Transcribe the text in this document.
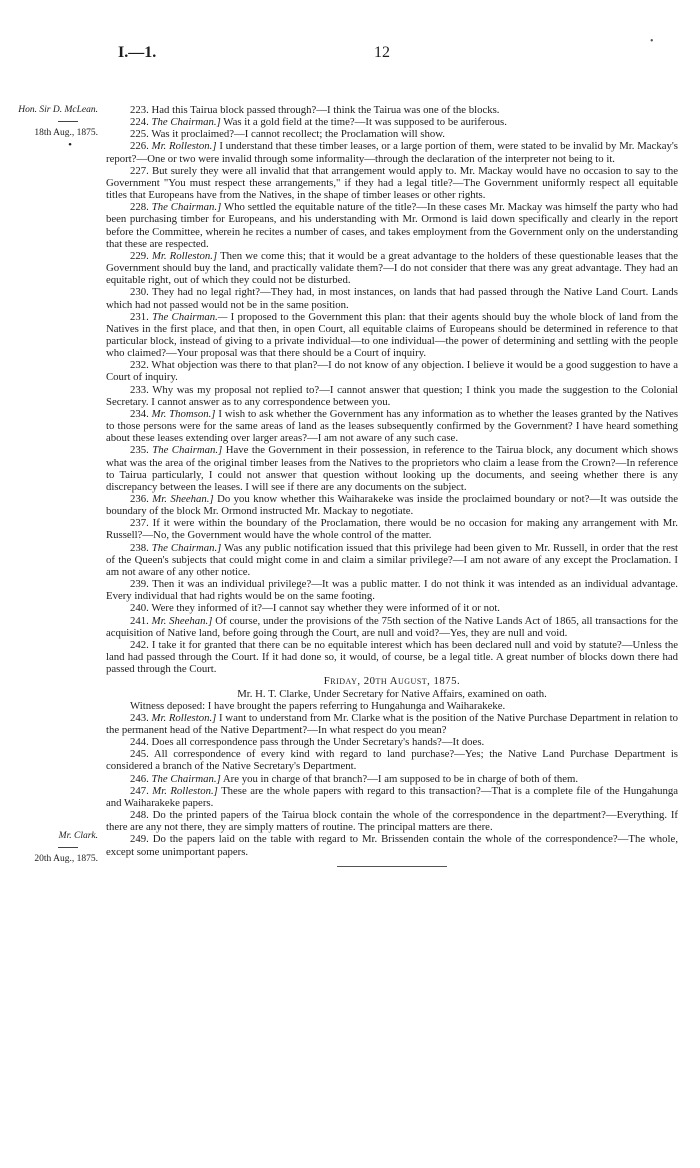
I.—1.	12
•
Hon. Sir D. McLean.

18th Aug., 1875.
•
Mr. Clark.

20th Aug., 1875.

223. Had this Tairua block passed through?—I think the Tairua was one of the blocks.

224. The Chairman.] Was it a gold field at the time?—It was supposed to be auriferous.

225. Was it proclaimed?—I cannot recollect; the Proclamation will show.

226. Mr. Rolleston.] I understand that these timber leases, or a large portion of them, were stated to be invalid by Mr. Mackay's report?—One or two were invalid through some informality—through the declaration of the interpreter not being to it.

227. But surely they were all invalid that that arrangement would apply to. Mr. Mackay would have no occasion to say to the Government "You must respect these arrangements," if they had a legal title?—The Government uniformly respect all equitable titles that Europeans have from the Natives, in the shape of timber leases or other rights.

228. The Chairman.] Who settled the equitable nature of the title?—In these cases Mr. Mackay was himself the party who had been purchasing timber for Europeans, and his understanding with Mr. Ormond is laid down specifically and clearly in the report before the Committee, wherein he recites a number of cases, and takes employment from the Government only on the understanding that these are respected.

229. Mr. Rolleston.] Then we come this; that it would be a great advantage to the holders of these questionable leases that the Government should buy the land, and practically validate them?—I do not consider that there was any great advantage. They had an equitable right, out of which they could not be disturbed.

230. They had no legal right?—They had, in most instances, on lands that had passed through the Native Land Court. Lands which had not passed would not be in the same position.

231. The Chairman.— I proposed to the Government this plan: that their agents should buy the whole block of land from the Natives in the first place, and that then, in open Court, all equitable claims of Europeans should be determined in reference to that particular block, instead of giving to a private individual—to one individual—the power of determining and settling with the people who claimed?—Your proposal was that there should be a Court of inquiry.

232. What objection was there to that plan?—I do not know of any objection. I believe it would be a good suggestion to have a Court of inquiry.

233. Why was my proposal not replied to?—I cannot answer that question; I think you made the suggestion to the Colonial Secretary. I cannot answer as to any correspondence between you.

234. Mr. Thomson.] I wish to ask whether the Government has any information as to whether the leases granted by the Natives to those persons were for the same areas of land as the leases subsequently confirmed by the Government? I have heard something about these leases extending over larger areas?—I am not aware of any such case.

235. The Chairman.] Have the Government in their possession, in reference to the Tairua block, any document which shows what was the area of the original timber leases from the Natives to the proprietors who claim a lease from the Crown?—In reference to Tairua particularly, I could not answer that question without looking up the documents, and seeing whether there is any discrepancy between the leases. I will see if there are any documents on the subject.

236. Mr. Sheehan.] Do you know whether this Waiharakeke was inside the proclaimed boundary or not?—It was outside the boundary of the block Mr. Ormond instructed Mr. Mackay to negotiate.

237. If it were within the boundary of the Proclamation, there would be no occasion for making any arrangement with Mr. Russell?—No, the Government would have the whole control of the matter.

238. The Chairman.] Was any public notification issued that this privilege had been given to Mr. Russell, in order that the rest of the Queen's subjects that could might come in and claim a similar privilege?—I am not aware of any except the Proclamation. I am not aware of any other notice.

239. Then it was an individual privilege?—It was a public matter. I do not think it was intended as an individual advantage. Every individual that had rights would be on the same footing.

240. Were they informed of it?—I cannot say whether they were informed of it or not.

241. Mr. Sheehan.] Of course, under the provisions of the 75th section of the Native Lands Act of 1865, all transactions for the acquisition of Native land, before going through the Court, are null and void?—Yes, they are null and void.

242. I take it for granted that there can be no equitable interest which has been declared null and void by statute?—Unless the land had passed through the Court. If it had done so, it would, of course, be a legal title. A great number of blocks down there had passed through the Court.

Friday, 20th August, 1875.

Mr. H. T. Clarke, Under Secretary for Native Affairs, examined on oath.

Witness deposed: I have brought the papers referring to Hungahunga and Waiharakeke.

243. Mr. Rolleston.] I want to understand from Mr. Clarke what is the position of the Native Purchase Department in relation to the permanent head of the Native Department?—In what respect do you mean?

244. Does all correspondence pass through the Under Secretary's hands?—It does.

245. All correspondence of every kind with regard to land purchase?—Yes; the Native Land Purchase Department is considered a branch of the Native Secretary's Department.

246. The Chairman.] Are you in charge of that branch?—I am supposed to be in charge of both of them.

247. Mr. Rolleston.] These are the whole papers with regard to this transaction?—That is a complete file of the Hungahunga and Waiharakeke papers.

248. Do the printed papers of the Tairua block contain the whole of the correspondence in the department?—Everything. If there are any not there, they are simply matters of routine. The principal matters are there.

249. Do the papers laid on the table with regard to Mr. Brissenden contain the whole of the correspondence?—The whole, except some unimportant papers.
